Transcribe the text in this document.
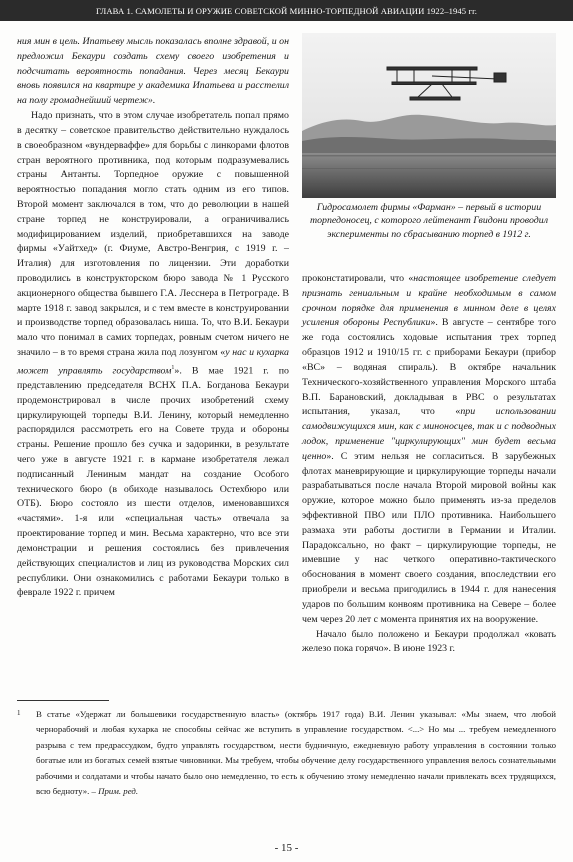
ГЛАВА 1. САМОЛЕТЫ И ОРУЖИЕ СОВЕТСКОЙ МИННО-ТОРПЕДНОЙ АВИАЦИИ 1922–1945 гг.

ния мин в цель. Ипатьеву мысль показалась вполне здравой, и он предложил Бекаури создать схему своего изобретения и подсчитать вероятность попадания. Через месяц Бекаури вновь появился на квартире у академика Ипатьева и расстелил на полу громаднейший чертеж».

Надо признать, что в этом случае изобретатель попал прямо в десятку – советское правительство действительно нуждалось в своеобразном «вундерваффе» для борьбы с линкорами флотов стран вероятного противника, под которым подразумевались страны Антанты. Торпедное оружие с повышенной вероятностью попадания могло стать одним из его типов. Второй момент заключался в том, что до революции в нашей стране торпед не конструировали, а ограничивались модифицированием изделий, приобретавшихся на заводе фирмы «Уайтхед» (г. Фиуме, Австро-Венгрия, с 1919 г. – Италия) для изготовления по лицензии. Эти доработки проводились в конструкторском бюро завода № 1 Русского акционерного общества бывшего Г.А. Лесснера в Петрограде. В марте 1918 г. завод закрылся, и с тем вместе в конструировании и производстве торпед образовалась ниша. То, что В.И. Бекаури мало что понимал в самих торпедах, ровным счетом ничего не значило – в то время страна жила под лозунгом «у нас и кухарка может управлять государством$^1$». В мае 1921 г. по представлению председателя ВСНХ П.А. Богданова Бекаури продемонстрировал в числе прочих изобретений схему циркулирующей торпеды В.И. Ленину, который немедленно распорядился рассмотреть его на Совете труда и обороны страны. Решение прошло без сучка и задоринки, в результате чего уже в августе 1921 г. в кармане изобретателя лежал подписанный Лениным мандат на создание Особого технического бюро (в обиходе называлось Остехбюро или ОТБ). Бюро состояло из шести отделов, именовавшихся «частями». 1-я или «специальная часть» отвечала за проектирование торпед и мин. Весьма характерно, что все эти демонстрации и решения состоялись без привлечения действующих специалистов и лиц из руководства Морских сил республики. Они ознакомились с работами Бекаури только в феврале 1922 г. причем

Гидросамолет фирмы «Фарман» – первый в истории торпедоносец, с которого лейтенант Гвидони проводил эксперименты по сбрасыванию торпед в 1912 г.

проконстатировали, что «настоящее изобретение следует признать гениальным и крайне необходимым в самом срочном порядке для применения в минном деле в целях усиления обороны Республики». В августе – сентябре того же года состоялись ходовые испытания трех торпед образцов 1912 и 1910/15 гг. с приборами Бекаури (прибор «ВС» – водяная спираль). В октябре начальник Технического-хозяйственного управления Морского штаба В.П. Барановский, докладывая в РВС о результатах испытания, указал, что «при использовании самодвижущихся мин, как с миноносцев, так и с подводных лодок, применение "циркулирующих" мин будет весьма ценно». С этим нельзя не согласиться. В зарубежных флотах маневрирующие и циркулирующие торпеды начали разрабатываться после начала Второй мировой войны как оружие, которое можно было применять из-за пределов эффективной ПВО или ПЛО противника. Наибольшего размаха эти работы достигли в Германии и Италии. Парадоксально, но факт – циркулирующие торпеды, не имевшие у нас четкого оперативно-тактического обоснования в момент своего создания, впоследствии его приобрели и весьма пригодились в 1944 г. для нанесения ударов по большим конвоям противника на Севере – более чем через 20 лет с момента принятия их на вооружение.

Начало было положено и Бекаури продолжал «ковать железо пока горячо». В июне 1923 г.

1	В статье «Удержат ли большевики государственную власть» (октябрь 1917 года) В.И. Ленин указывал: «Мы знаем, что любой чернорабочий и любая кухарка не способны сейчас же вступить в управление государством. <...> Но мы ... требуем немедленного разрыва с тем предрассудком, будто управлять государством, нести будничную, ежедневную работу управления в состоянии только богатые или из богатых семей взятые чиновники. Мы требуем, чтобы обучение делу государственного управления велось сознательными рабочими и солдатами и чтобы начато было оно немедленно, то есть к обучению этому немедленно начали привлекать всех трудящихся, всю бедноту». – Прим. ред.
- 15 -
